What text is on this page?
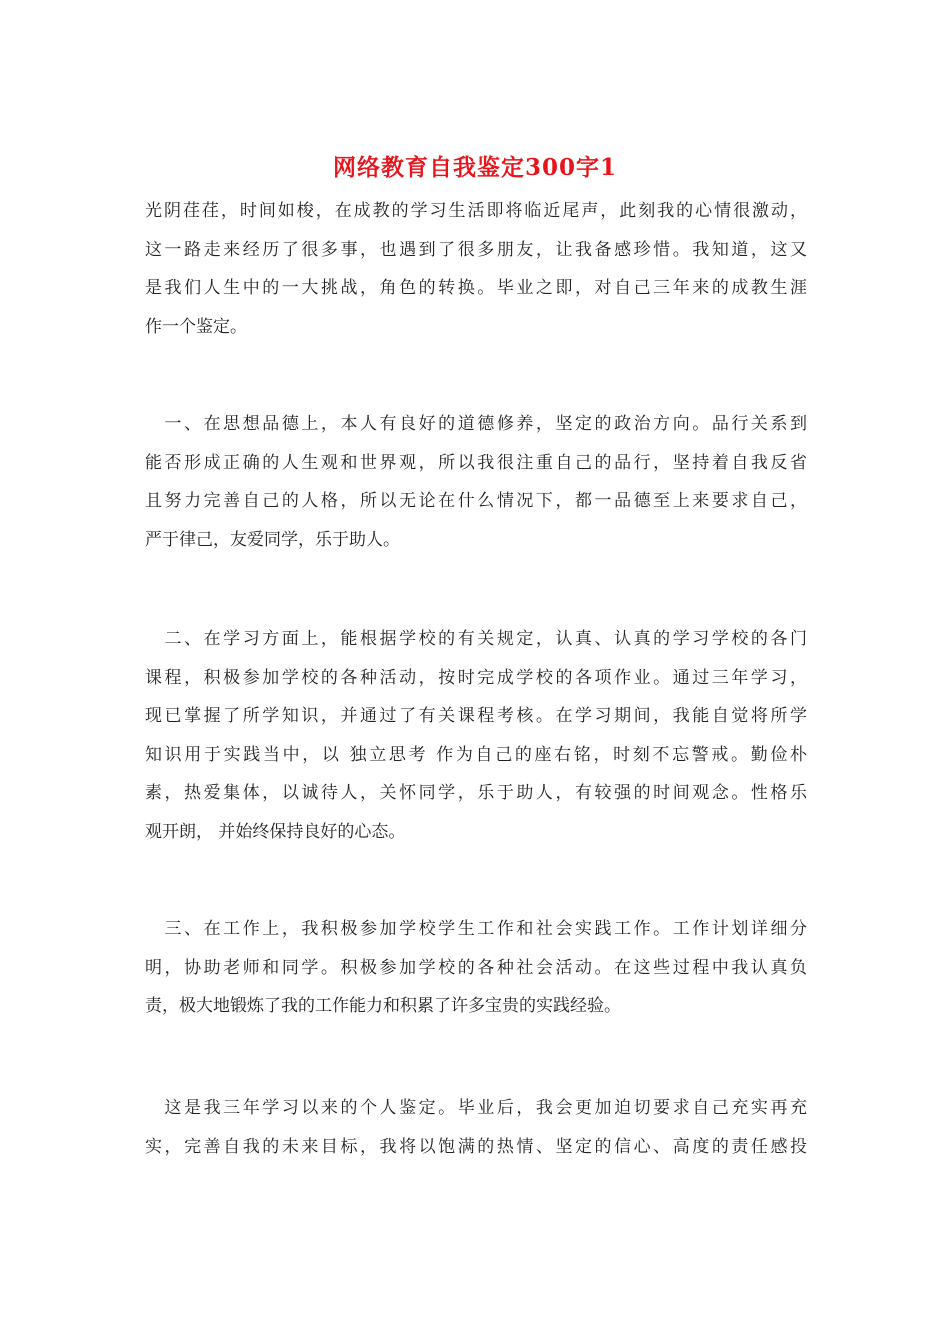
网络教育自我鉴定300字1
光阴荏荏，时间如梭，在成教的学习生活即将临近尾声，此刻我的心情很激动，
这一路走来经历了很多事，也遇到了很多朋友，让我备感珍惜。我知道，这又
是我们人生中的一大挑战，角色的转换。毕业之即，对自己三年来的成教生涯
作一个鉴定。
　一、在思想品德上，本人有良好的道德修养，坚定的政治方向。品行关系到
能否形成正确的人生观和世界观，所以我很注重自己的品行，坚持着自我反省
且努力完善自己的人格，所以无论在什么情况下，都一品德至上来要求自己，
严于律己，友爱同学，乐于助人。
　二、在学习方面上，能根据学校的有关规定，认真、认真的学习学校的各门
课程，积极参加学校的各种活动，按时完成学校的各项作业。通过三年学习，
现已掌握了所学知识，并通过了有关课程考核。在学习期间，我能自觉将所学
知识用于实践当中，以 独立思考 作为自己的座右铭，时刻不忘警戒。勤俭朴
素，热爱集体，以诚待人，关怀同学，乐于助人，有较强的时间观念。性格乐
观开朗， 并始终保持良好的心态。
　三、在工作上，我积极参加学校学生工作和社会实践工作。工作计划详细分
明，协助老师和同学。积极参加学校的各种社会活动。在这些过程中我认真负
责，极大地锻炼了我的工作能力和积累了许多宝贵的实践经验。
　这是我三年学习以来的个人鉴定。毕业后，我会更加迫切要求自己充实再充
实，完善自我的未来目标，我将以饱满的热情、坚定的信心、高度的责任感投
